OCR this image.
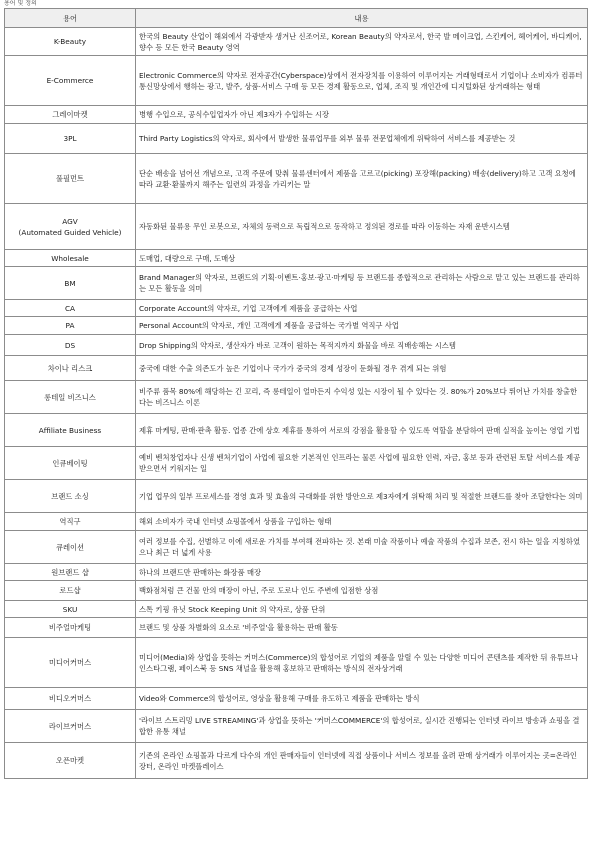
용어 및 정의
용어	내용
K-Beauty	한국의 Beauty 산업이 해외에서 각광받자 생겨난 신조어로, Korean Beauty의 약자로서, 한국 발 메이크업, 스킨케어, 헤어케어, 바디케어, 향수 등 모든 한국 Beauty 영역
E-Commerce	Electronic Commerce의 약자로 전자공간(Cyberspace)상에서 전자장치를 이용하여 이루어지는 거래형태로서 기업이나 소비자가 컴퓨터 통신망상에서 행하는 광고, 발주, 상품·서비스 구매 등 모든 경제 활동으로, 업체, 조직 및 개인간에 디지털화된 상거래하는 형태
그레이마켓	병행 수입으로, 공식수입업자가 아닌 제3자가 수입하는 시장
3PL	Third Party Logistics의 약자로, 회사에서 발생한 물류업무를 외부 물류 전문업체에게 위탁하여 서비스를 제공받는 것
풀필먼트	단순 배송을 넘어선 개념으로, 고객 주문에 맞춰 물류센터에서 제품을 고르고(picking) 포장해(packing) 배송(delivery)하고 고객 요청에 따라 교환·환불까지 해주는 일련의 과정을 가리키는 말
AGV
(Automated Guided Vehicle)	자동화된 물류용 무인 로봇으로, 자체의 동력으로 독립적으로 동작하고 정의된 경로를 따라 이동하는 자재 운반시스템
Wholesale	도매업, 대량으로 구매, 도매상
BM	Brand Manager의 약자로, 브랜드의 기획·이벤트·홍보·광고·마케팅 등 브랜드를 종합적으로 관리하는 사람으로 맡고 있는 브랜드를 관리하는 모든 활동을 의미
CA	Corporate Account의 약자로, 기업 고객에게 제품을 공급하는 사업
PA	Personal Account의 약자로, 개인 고객에게 제품을 공급하는 국가별 역직구 사업
DS	Drop Shipping의 약자로, 생산자가 바로 고객이 원하는 목적지까지 화물을 바로 직배송해는 시스템
차이나 리스크	중국에 대한 수출 의존도가 높은 기업이나 국가가 중국의 경제 성장이 둔화될 경우 겪게 되는 위험
롱테일 비즈니스	비주류 품목 80%에 해당하는 긴 꼬리, 즉 롱테일이 얼마든지 수익성 있는 시장이 될 수 있다는 것. 80%가 20%보다 뛰어난 가치를 창출한다는 비즈니스 이론
Affiliate Business	제휴 마케팅, 판매·판촉 활동. 업종 간에 상호 제휴를 통하여 서로의 강점을 활용할 수 있도록 역할을 분담하여 판매 실적을 높이는 영업 기법
인큐베이팅	예비 벤처창업자나 신생 벤처기업이 사업에 필요한 기본적인 인프라는 물론 사업에 필요한 인력, 자금, 홍보 등과 관련된 토탈 서비스를 제공받으면서 키워지는 일
브랜드 소싱	기업 업무의 일부 프로세스를 경영 효과 및 효율의 극대화를 위한 방안으로 제3자에게 위탁해 처리 및 적절한 브랜드를 찾아 조달한다는 의미
역직구	해외 소비자가 국내 인터넷 쇼핑몰에서 상품을 구입하는 형태
큐레이션	여러 정보를 수집, 선별하고 이에 새로운 가치를 부여해 전파하는 것. 본래 미술 작품이나 예술 작품의 수집과 보존, 전시 하는 일을 지칭하였으나 최근 더 넓게 사용
원브랜드 샵	하나의 브랜드만 판매하는 화장품 매장
로드샵	백화점처럼 큰 건물 안의 매장이 아닌, 주로 도로나 인도 주변에 입점한 상점
SKU	스톡 키핑 유닛 Stock Keeping Unit 의 약자로, 상품 단위
비주얼마케팅	브랜드 및 상품 차별화의 요소로 '비주얼'을 활용하는 판매 활동
미디어커머스	미디어(Media)와 상업을 뜻하는 커머스(Commerce)의 합성어로 기업의 제품을 알릴 수 있는 다양한 미디어 콘텐츠를 제작한 뒤 유튜브나 인스타그램, 페이스북 등 SNS 채널을 활용해 홍보하고 판매하는 방식의 전자상거래
비디오커머스	Video와 Commerce의 합성어로, 영상을 활용해 구매를 유도하고 제품을 판매하는 방식
라이브커머스	'라이브 스트리밍 LIVE STREAMING'과 상업을 뜻하는 '커머스COMMERCE'의 합성어로, 실시간 진행되는 인터넷 라이브 방송과 쇼핑을 결합한 유통 채널
오픈마켓	기존의 온라인 쇼핑몰과 다르게 다수의 개인 판매자들이 인터넷에 직접 상품이나 서비스 정보를 올려 판매 상거래가 이루어지는 곳=온라인 장터, 온라인 마켓플레이스
